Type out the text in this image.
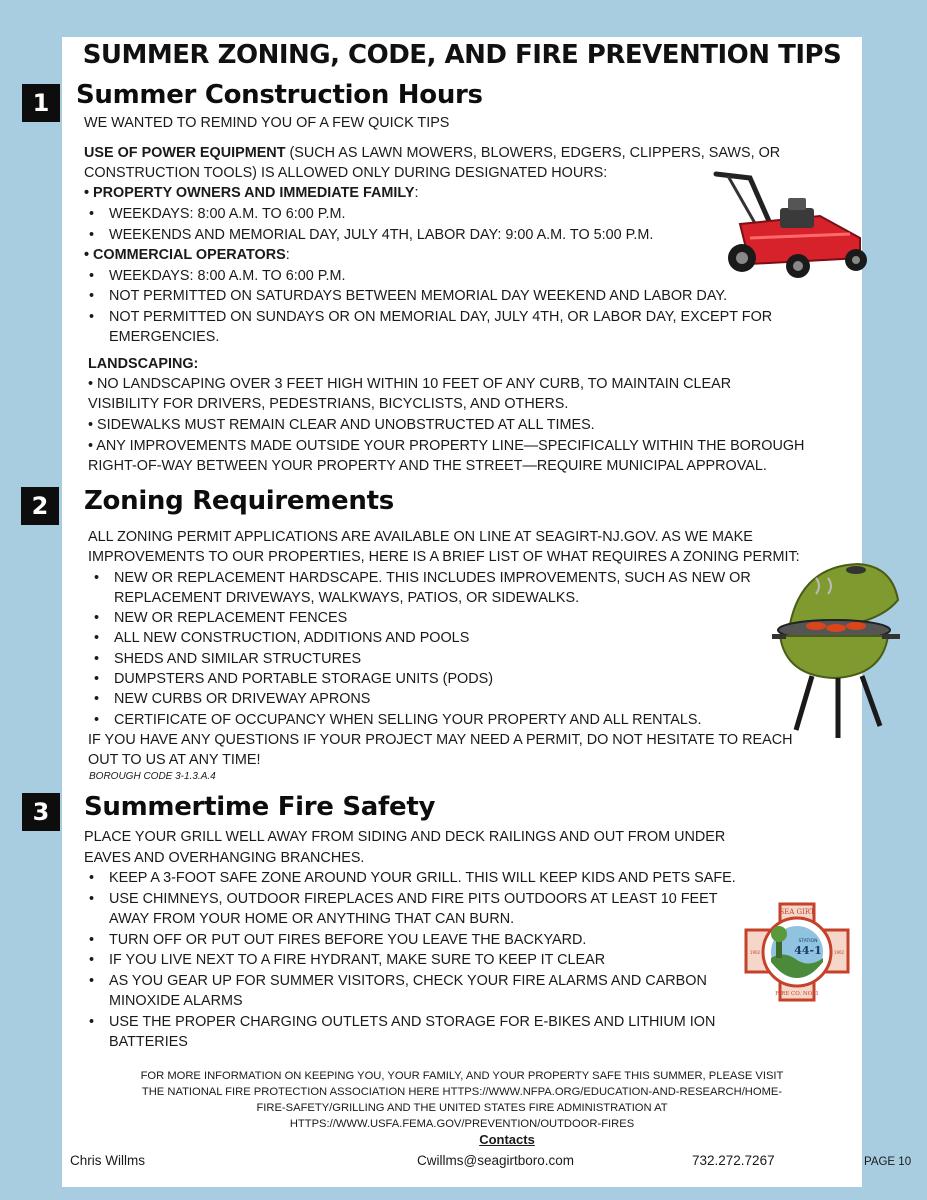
SUMMER ZONING, CODE, AND FIRE PREVENTION TIPS
1	Summer Construction Hours
WE WANTED TO REMIND YOU OF A FEW QUICK TIPS
USE OF POWER EQUIPMENT (SUCH AS LAWN MOWERS, BLOWERS, EDGERS, CLIPPERS, SAWS, OR
CONSTRUCTION TOOLS) IS ALLOWED ONLY DURING DESIGNATED HOURS:
• PROPERTY OWNERS AND IMMEDIATE FAMILY:
• WEEKDAYS: 8:00 A.M. TO 6:00 P.M.
• WEEKENDS AND MEMORIAL DAY, JULY 4TH, LABOR DAY: 9:00 A.M. TO 5:00 P.M.
• COMMERCIAL OPERATORS:
• WEEKDAYS: 8:00 A.M. TO 6:00 P.M.
• NOT PERMITTED ON SATURDAYS BETWEEN MEMORIAL DAY WEEKEND AND LABOR DAY.
• NOT PERMITTED ON SUNDAYS OR ON MEMORIAL DAY, JULY 4TH, OR LABOR DAY, EXCEPT FOR
EMERGENCIES.
LANDSCAPING:
• NO LANDSCAPING OVER 3 FEET HIGH WITHIN 10 FEET OF ANY CURB, TO MAINTAIN CLEAR
VISIBILITY FOR DRIVERS, PEDESTRIANS, BICYCLISTS, AND OTHERS.
• SIDEWALKS MUST REMAIN CLEAR AND UNOBSTRUCTED AT ALL TIMES.
• ANY IMPROVEMENTS MADE OUTSIDE YOUR PROPERTY LINE—SPECIFICALLY WITHIN THE BOROUGH
RIGHT-OF-WAY BETWEEN YOUR PROPERTY AND THE STREET—REQUIRE MUNICIPAL APPROVAL.
2	Zoning Requirements
ALL ZONING PERMIT APPLICATIONS ARE AVAILABLE ON LINE AT SEAGIRT-NJ.GOV. AS WE MAKE
IMPROVEMENTS TO OUR PROPERTIES, HERE IS A BRIEF LIST OF WHAT REQUIRES A ZONING PERMIT:
• NEW OR REPLACEMENT HARDSCAPE. THIS INCLUDES IMPROVEMENTS, SUCH AS NEW OR
REPLACEMENT DRIVEWAYS, WALKWAYS, PATIOS, OR SIDEWALKS.
• NEW OR REPLACEMENT FENCES
• ALL NEW CONSTRUCTION, ADDITIONS AND POOLS
• SHEDS AND SIMILAR STRUCTURES
• DUMPSTERS AND PORTABLE STORAGE UNITS (PODS)
• NEW CURBS OR DRIVEWAY APRONS
• CERTIFICATE OF OCCUPANCY WHEN SELLING YOUR PROPERTY AND ALL RENTALS.
IF YOU HAVE ANY QUESTIONS IF YOUR PROJECT MAY NEED A PERMIT, DO NOT HESITATE TO REACH
OUT TO US AT ANY TIME!
BOROUGH CODE 3-1.3.A.4
3	Summertime Fire Safety
PLACE YOUR GRILL WELL AWAY FROM SIDING AND DECK RAILINGS AND OUT FROM UNDER
EAVES AND OVERHANGING BRANCHES.
• KEEP A 3-FOOT SAFE ZONE AROUND YOUR GRILL. THIS WILL KEEP KIDS AND PETS SAFE.
• USE CHIMNEYS, OUTDOOR FIREPLACES AND FIRE PITS OUTDOORS AT LEAST 10 FEET
AWAY FROM YOUR HOME OR ANYTHING THAT CAN BURN.
• TURN OFF OR PUT OUT FIRES BEFORE YOU LEAVE THE BACKYARD.
• IF YOU LIVE NEXT TO A FIRE HYDRANT, MAKE SURE TO KEEP IT CLEAR
• AS YOU GEAR UP FOR SUMMER VISITORS, CHECK YOUR FIRE ALARMS AND CARBON
MINOXIDE ALARMS
• USE THE PROPER CHARGING OUTLETS AND STORAGE FOR E-BIKES AND LITHIUM ION
BATTERIES
SEA GIRT
STATION
44-1
FIRE CO. NO. 1
1902	1902
FOR MORE INFORMATION ON KEEPING YOU, YOUR FAMILY, AND YOUR PROPERTY SAFE THIS SUMMER, PLEASE VISIT
THE NATIONAL FIRE PROTECTION ASSOCIATION HERE HTTPS://WWW.NFPA.ORG/EDUCATION-AND-RESEARCH/HOME-
FIRE-SAFETY/GRILLING AND THE UNITED STATES FIRE ADMINISTRATION AT
HTTPS://WWW.USFA.FEMA.GOV/PREVENTION/OUTDOOR-FIRES
Contacts
Chris Willms	Cwillms@seagirtboro.com	732.272.7267	PAGE 10
